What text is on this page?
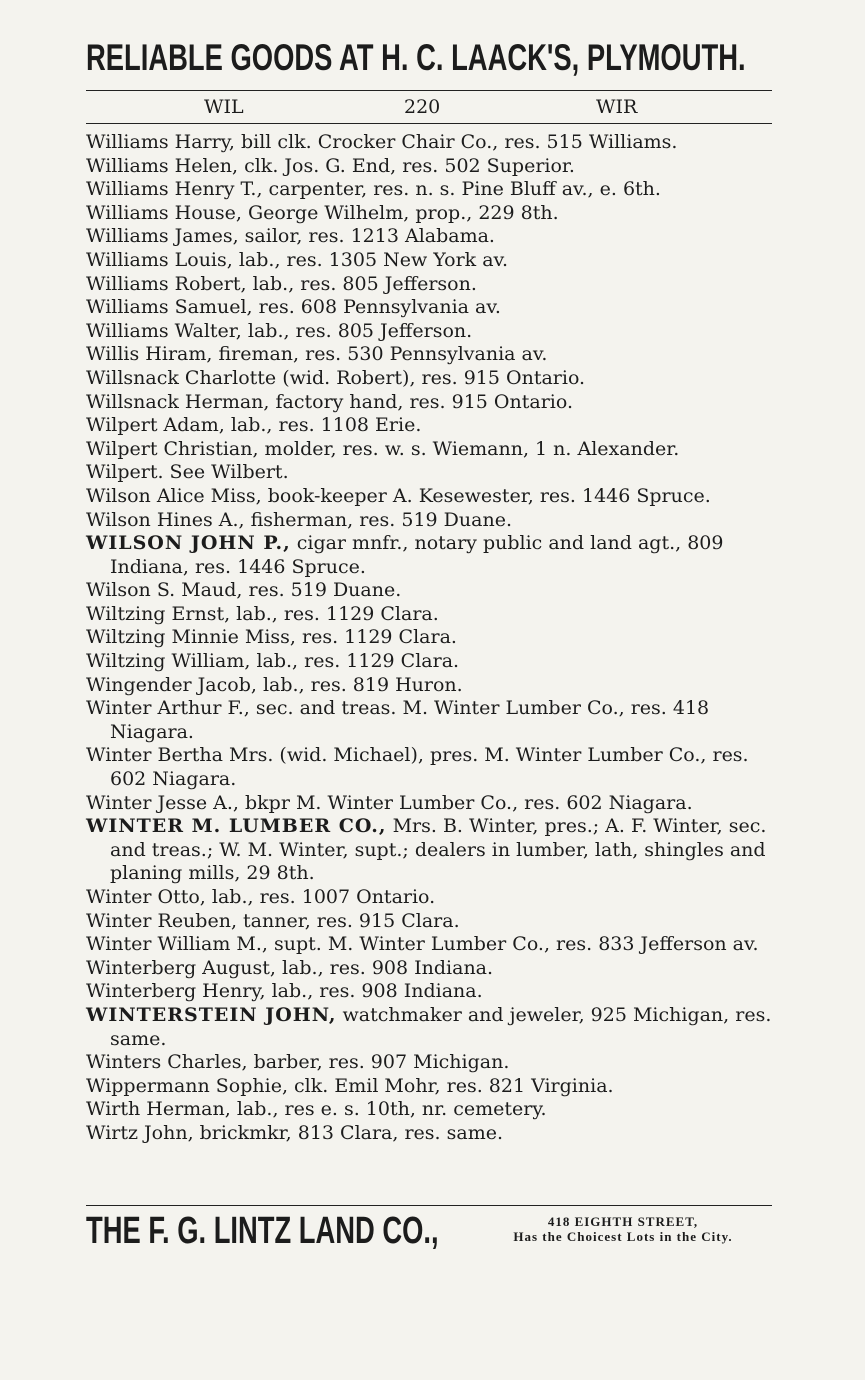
RELIABLE GOODS AT H. C. LAACK'S, PLYMOUTH.
WIL	220	WIR
Williams Harry, bill clk. Crocker Chair Co., res. 515 Williams.
Williams Helen, clk. Jos. G. End, res. 502 Superior.
Williams Henry T., carpenter, res. n. s. Pine Bluff av., e. 6th.
Williams House, George Wilhelm, prop., 229 8th.
Williams James, sailor, res. 1213 Alabama.
Williams Louis, lab., res. 1305 New York av.
Williams Robert, lab., res. 805 Jefferson.
Williams Samuel, res. 608 Pennsylvania av.
Williams Walter, lab., res. 805 Jefferson.
Willis Hiram, fireman, res. 530 Pennsylvania av.
Willsnack Charlotte (wid. Robert), res. 915 Ontario.
Willsnack Herman, factory hand, res. 915 Ontario.
Wilpert Adam, lab., res. 1108 Erie.
Wilpert Christian, molder, res. w. s. Wiemann, 1 n. Alexander.
Wilpert. See Wilbert.
Wilson Alice Miss, book-keeper A. Kesewester, res. 1446 Spruce.
Wilson Hines A., fisherman, res. 519 Duane.
WILSON JOHN P., cigar mnfr., notary public and land agt., 809 Indiana, res. 1446 Spruce.
Wilson S. Maud, res. 519 Duane.
Wiltzing Ernst, lab., res. 1129 Clara.
Wiltzing Minnie Miss, res. 1129 Clara.
Wiltzing William, lab., res. 1129 Clara.
Wingender Jacob, lab., res. 819 Huron.
Winter Arthur F., sec. and treas. M. Winter Lumber Co., res. 418 Niagara.
Winter Bertha Mrs. (wid. Michael), pres. M. Winter Lumber Co., res. 602 Niagara.
Winter Jesse A., bkpr M. Winter Lumber Co., res. 602 Niagara.
WINTER M. LUMBER CO., Mrs. B. Winter, pres.; A. F. Winter, sec. and treas.; W. M. Winter, supt.; dealers in lumber, lath, shingles and planing mills, 29 8th.
Winter Otto, lab., res. 1007 Ontario.
Winter Reuben, tanner, res. 915 Clara.
Winter William M., supt. M. Winter Lumber Co., res. 833 Jefferson av.
Winterberg August, lab., res. 908 Indiana.
Winterberg Henry, lab., res. 908 Indiana.
WINTERSTEIN JOHN, watchmaker and jeweler, 925 Michigan, res. same.
Winters Charles, barber, res. 907 Michigan.
Wippermann Sophie, clk. Emil Mohr, res. 821 Virginia.
Wirth Herman, lab., res e. s. 10th, nr. cemetery.
Wirtz John, brickmkr, 813 Clara, res. same.
THE F. G. LINTZ LAND CO.,	418 EIGHTH STREET,
Has the Choicest Lots in the City.
